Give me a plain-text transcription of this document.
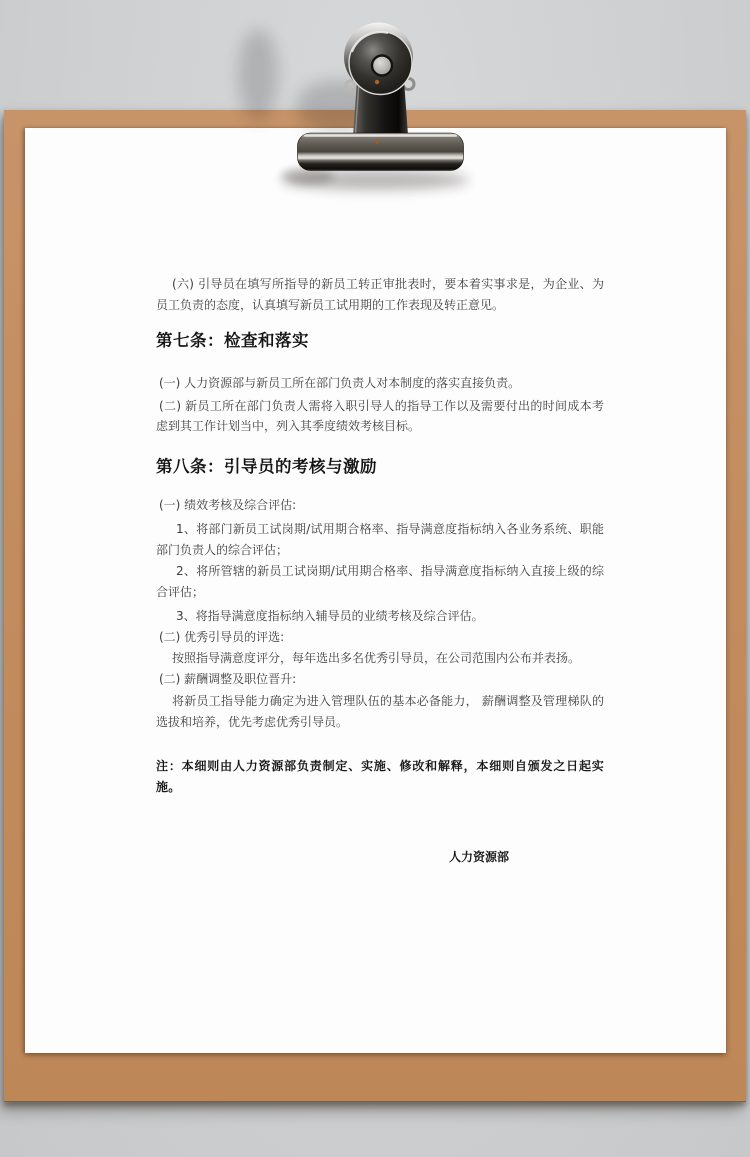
(六) 引导员在填写所指导的新员工转正审批表时，要本着实事求是，为企业、为员工负责的态度，认真填写新员工试用期的工作表现及转正意见。

第七条：检查和落实

(一) 人力资源部与新员工所在部门负责人对本制度的落实直接负责。

(二) 新员工所在部门负责人需将入职引导人的指导工作以及需要付出的时间成本考虑到其工作计划当中，列入其季度绩效考核目标。

第八条：引导员的考核与激励

(一) 绩效考核及综合评估:

1、将部门新员工试岗期/试用期合格率、指导满意度指标纳入各业务系统、职能部门负责人的综合评估；

2、将所管辖的新员工试岗期/试用期合格率、指导满意度指标纳入直接上级的综合评估；

3、将指导满意度指标纳入辅导员的业绩考核及综合评估。

(二) 优秀引导员的评选:

按照指导满意度评分，每年选出多名优秀引导员，在公司范围内公布并表扬。

(二) 薪酬调整及职位晋升:

将新员工指导能力确定为进入管理队伍的基本必备能力， 薪酬调整及管理梯队的选拔和培养，优先考虑优秀引导员。

注：本细则由人力资源部负责制定、实施、修改和解释，本细则自颁发之日起实施。

人力资源部
